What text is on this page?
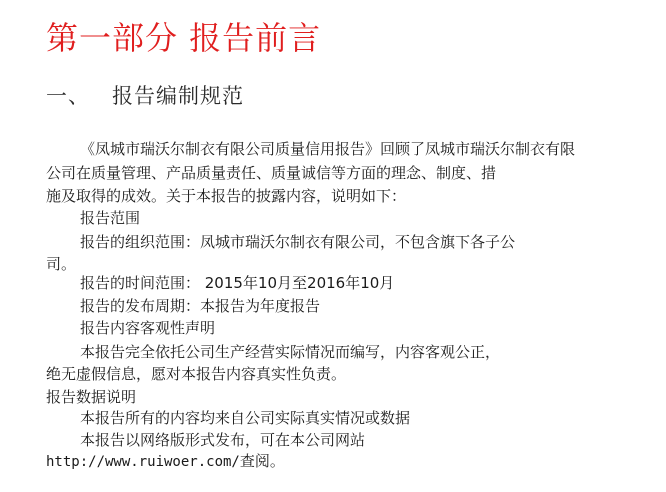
第一部分 报告前言
一、 报告编制规范
《凤城市瑞沃尔制衣有限公司质量信用报告》回顾了凤城市瑞沃尔制衣有限
公司在质量管理、产品质量责任、质量诚信等方面的理念、制度、措
施及取得的成效。关于本报告的披露内容，说明如下：
报告范围
报告的组织范围：凤城市瑞沃尔制衣有限公司，不包含旗下各子公
司。
报告的时间范围： 2015年10月至2016年10月
报告的发布周期：本报告为年度报告
报告内容客观性声明
本报告完全依托公司生产经营实际情况而编写，内容客观公正，
绝无虚假信息，愿对本报告内容真实性负责。
报告数据说明
本报告所有的内容均来自公司实际真实情况或数据
本报告以网络版形式发布，可在本公司网站
http://www.ruiwoer.com/查阅。
